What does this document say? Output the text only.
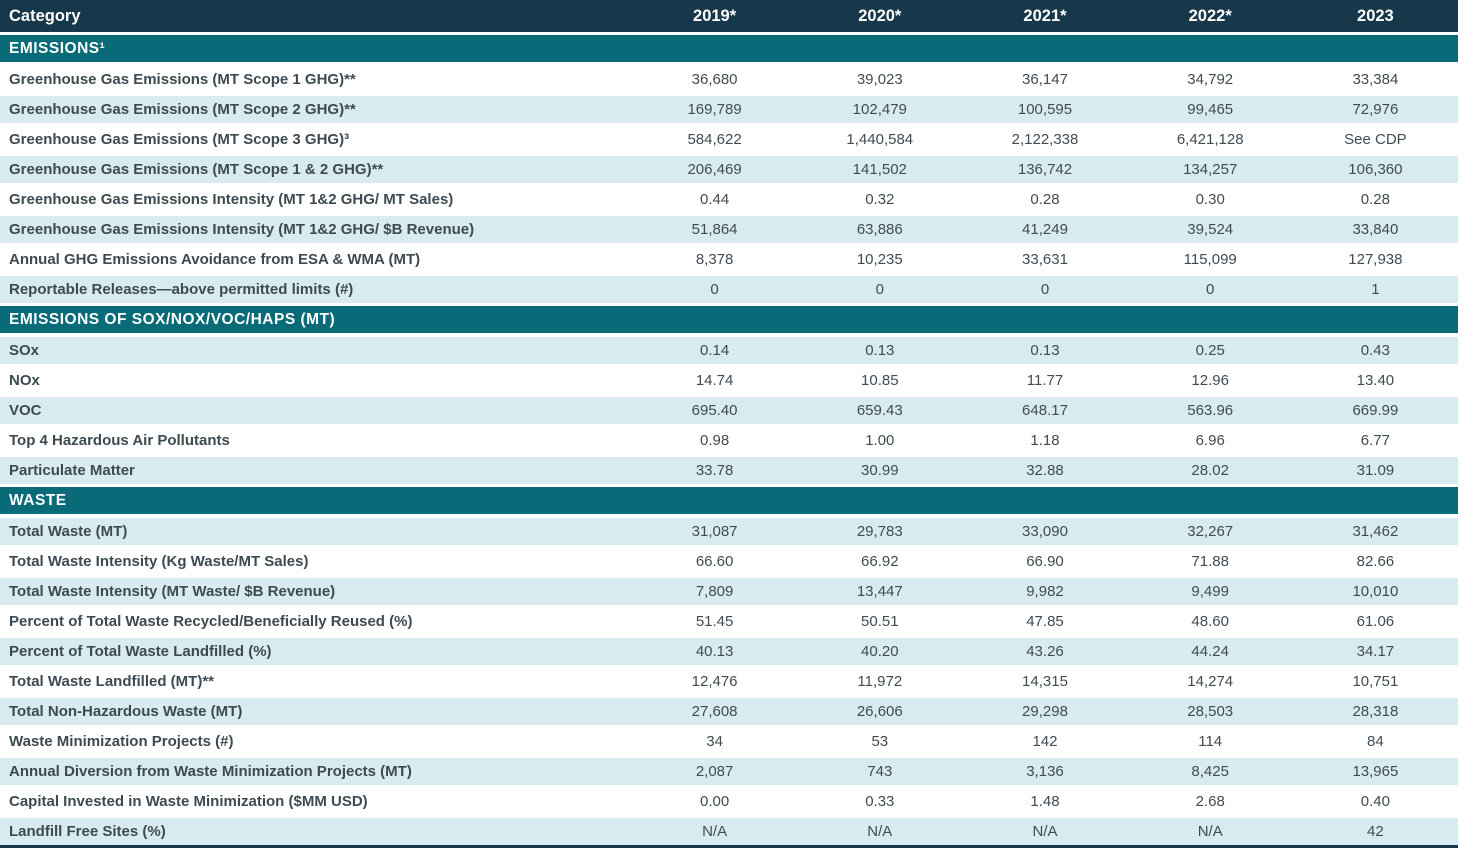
Category	2019*	2020*	2021*	2022*	2023
EMISSIONS¹
Greenhouse Gas Emissions (MT Scope 1 GHG)**	36,680	39,023	36,147	34,792	33,384
Greenhouse Gas Emissions (MT Scope 2 GHG)**	169,789	102,479	100,595	99,465	72,976
Greenhouse Gas Emissions (MT Scope 3 GHG)³	584,622	1,440,584	2,122,338	6,421,128	See CDP
Greenhouse Gas Emissions (MT Scope 1 & 2 GHG)**	206,469	141,502	136,742	134,257	106,360
Greenhouse Gas Emissions Intensity (MT 1&2 GHG/ MT Sales)	0.44	0.32	0.28	0.30	0.28
Greenhouse Gas Emissions Intensity (MT 1&2 GHG/ $B Revenue)	51,864	63,886	41,249	39,524	33,840
Annual GHG Emissions Avoidance from ESA & WMA (MT)	8,378	10,235	33,631	115,099	127,938
Reportable Releases—above permitted limits (#)	0	0	0	0	1
EMISSIONS OF SOX/NOX/VOC/HAPS (MT)
SOx	0.14	0.13	0.13	0.25	0.43
NOx	14.74	10.85	11.77	12.96	13.40
VOC	695.40	659.43	648.17	563.96	669.99
Top 4 Hazardous Air Pollutants	0.98	1.00	1.18	6.96	6.77
Particulate Matter	33.78	30.99	32.88	28.02	31.09
WASTE
Total Waste (MT)	31,087	29,783	33,090	32,267	31,462
Total Waste Intensity (Kg Waste/MT Sales)	66.60	66.92	66.90	71.88	82.66
Total Waste Intensity (MT Waste/ $B Revenue)	7,809	13,447	9,982	9,499	10,010
Percent of Total Waste Recycled/Beneficially Reused (%)	51.45	50.51	47.85	48.60	61.06
Percent of Total Waste Landfilled (%)	40.13	40.20	43.26	44.24	34.17
Total Waste Landfilled (MT)**	12,476	11,972	14,315	14,274	10,751
Total Non-Hazardous Waste (MT)	27,608	26,606	29,298	28,503	28,318
Waste Minimization Projects (#)	34	53	142	114	84
Annual Diversion from Waste Minimization Projects (MT)	2,087	743	3,136	8,425	13,965
Capital Invested in Waste Minimization ($MM USD)	0.00	0.33	1.48	2.68	0.40
Landfill Free Sites (%)	N/A	N/A	N/A	N/A	42
